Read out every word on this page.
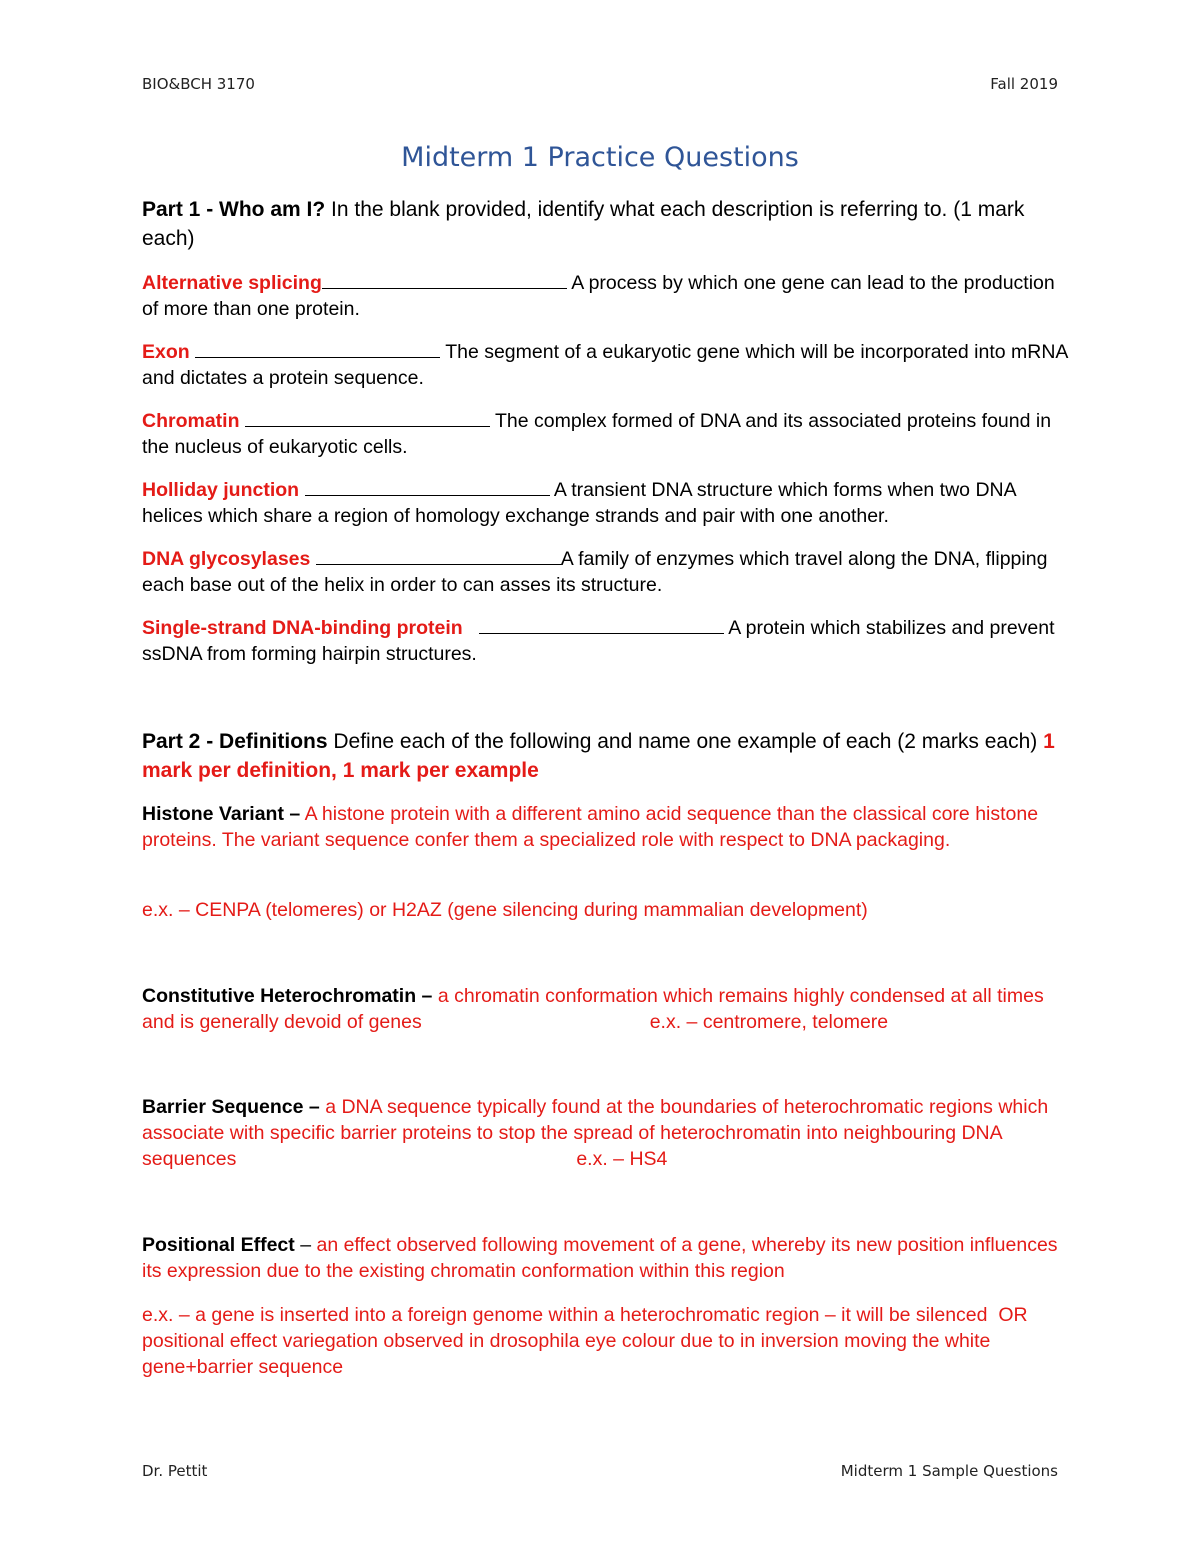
BIO&BCH 3170	Fall 2019
Midterm 1 Practice Questions
Part 1 - Who am I? In the blank provided, identify what each description is referring to. (1 mark each)
Alternative splicing	A process by which one gene can lead to the production of more than one protein.
Exon	The segment of a eukaryotic gene which will be incorporated into mRNA and dictates a protein sequence.
Chromatin	The complex formed of DNA and its associated proteins found in the nucleus of eukaryotic cells.
Holliday junction	A transient DNA structure which forms when two DNA helices which share a region of homology exchange strands and pair with one another.
DNA glycosylases	A family of enzymes which travel along the DNA, flipping each base out of the helix in order to can asses its structure.
Single-strand DNA-binding protein	A protein which stabilizes and prevent ssDNA from forming hairpin structures.
Part 2 - Definitions Define each of the following and name one example of each (2 marks each) 1 mark per definition, 1 mark per example
Histone Variant – A histone protein with a different amino acid sequence than the classical core histone proteins. The variant sequence confer them a specialized role with respect to DNA packaging.
e.x. – CENPA (telomeres) or H2AZ (gene silencing during mammalian development)
Constitutive Heterochromatin – a chromatin conformation which remains highly condensed at all times and is generally devoid of genes	e.x. – centromere, telomere
Barrier Sequence – a DNA sequence typically found at the boundaries of heterochromatic regions which associate with specific barrier proteins to stop the spread of heterochromatin into neighbouring DNA sequences	e.x. – HS4
Positional Effect – an effect observed following movement of a gene, whereby its new position influences its expression due to the existing chromatin conformation within this region
e.x. – a gene is inserted into a foreign genome within a heterochromatic region – it will be silenced  OR   positional effect variegation observed in drosophila eye colour due to in inversion moving the white gene+barrier sequence
Dr. Pettit	Midterm 1 Sample Questions
